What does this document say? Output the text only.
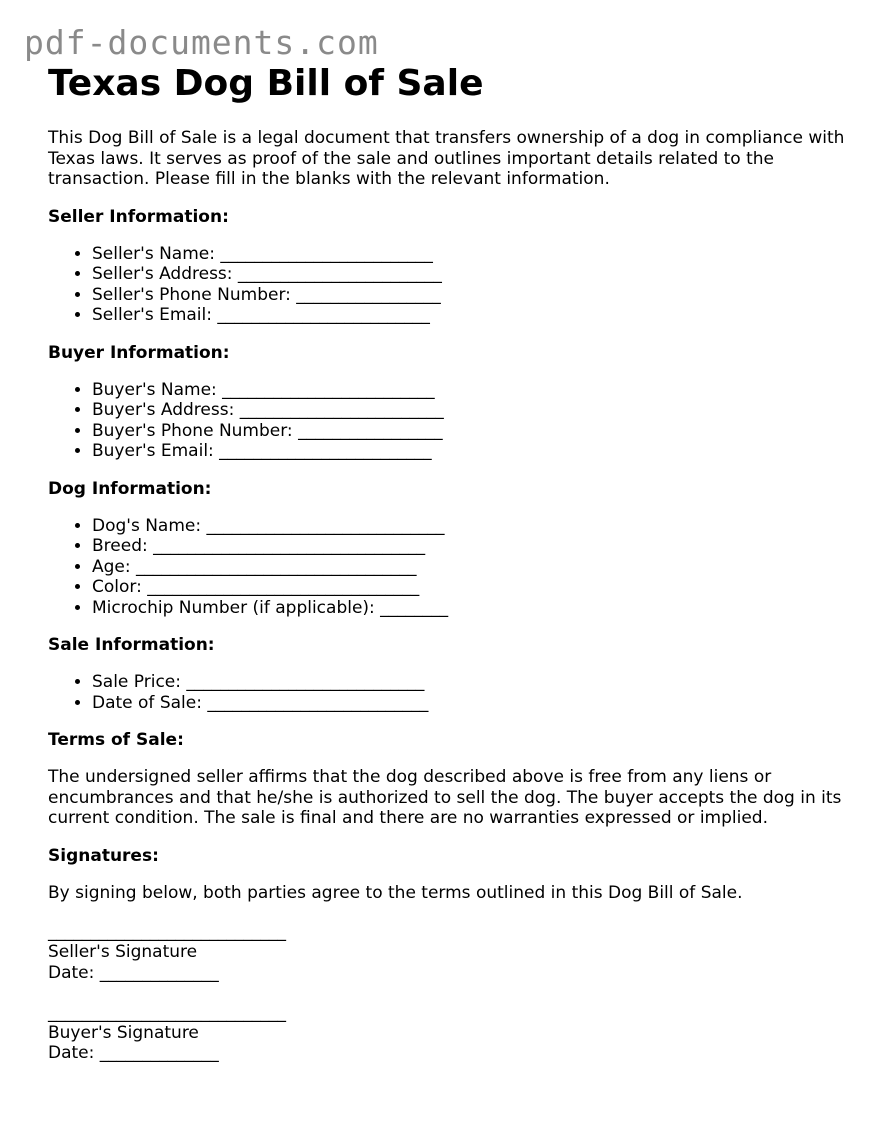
pdf-documents.com
Texas Dog Bill of Sale

This Dog Bill of Sale is a legal document that transfers ownership of a dog in compliance with Texas laws. It serves as proof of the sale and outlines important details related to the transaction. Please fill in the blanks with the relevant information.

Seller Information:
• Seller's Name: _________________________
• Seller's Address: ________________________
• Seller's Phone Number: _________________
• Seller's Email: _________________________
Buyer Information:
• Buyer's Name: _________________________
• Buyer's Address: ________________________
• Buyer's Phone Number: _________________
• Buyer's Email: _________________________
Dog Information:
• Dog's Name: ____________________________
• Breed: ________________________________
• Age: _________________________________
• Color: ________________________________
• Microchip Number (if applicable): ________
Sale Information:
• Sale Price: ____________________________
• Date of Sale: __________________________
Terms of Sale:

The undersigned seller affirms that the dog described above is free from any liens or encumbrances and that he/she is authorized to sell the dog. The buyer accepts the dog in its current condition. The sale is final and there are no warranties expressed or implied.

Signatures:

By signing below, both parties agree to the terms outlined in this Dog Bill of Sale.

____________________________
Seller's Signature
Date: ______________
____________________________
Buyer's Signature
Date: ______________
